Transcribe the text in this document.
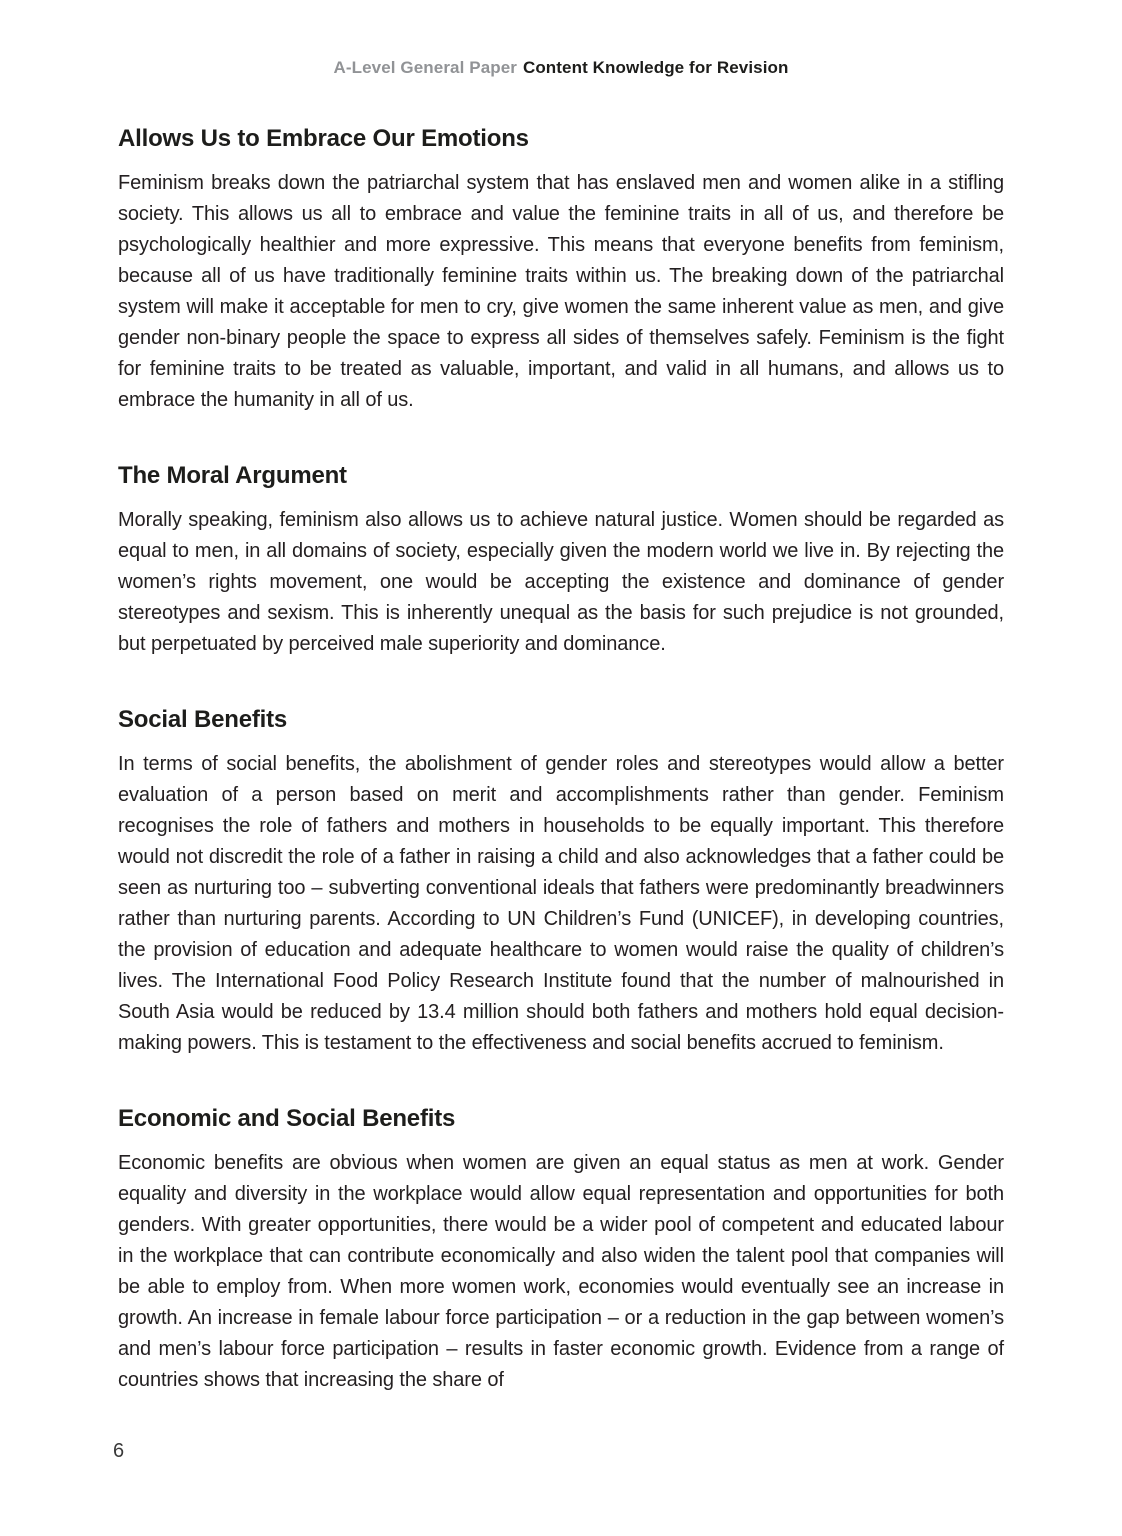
A-Level General Paper Content Knowledge for Revision
Allows Us to Embrace Our Emotions

Feminism breaks down the patriarchal system that has enslaved men and women alike in a stifling society. This allows us all to embrace and value the feminine traits in all of us, and therefore be psychologically healthier and more expressive. This means that everyone benefits from feminism, because all of us have traditionally feminine traits within us. The breaking down of the patriarchal system will make it acceptable for men to cry, give women the same inherent value as men, and give gender non-binary people the space to express all sides of themselves safely. Feminism is the fight for feminine traits to be treated as valuable, important, and valid in all humans, and allows us to embrace the humanity in all of us.

The Moral Argument

Morally speaking, feminism also allows us to achieve natural justice. Women should be regarded as equal to men, in all domains of society, especially given the modern world we live in. By rejecting the women’s rights movement, one would be accepting the existence and dominance of gender stereotypes and sexism. This is inherently unequal as the basis for such prejudice is not grounded, but perpetuated by perceived male superiority and dominance.

Social Benefits

In terms of social benefits, the abolishment of gender roles and stereotypes would allow a better evaluation of a person based on merit and accomplishments rather than gender. Feminism recognises the role of fathers and mothers in households to be equally important. This therefore would not discredit the role of a father in raising a child and also acknowledges that a father could be seen as nurturing too – subverting conventional ideals that fathers were predominantly breadwinners rather than nurturing parents. According to UN Children’s Fund (UNICEF), in developing countries, the provision of education and adequate healthcare to women would raise the quality of children’s lives. The International Food Policy Research Institute found that the number of malnourished in South Asia would be reduced by 13.4 million should both fathers and mothers hold equal decision-making powers. This is testament to the effectiveness and social benefits accrued to feminism.

Economic and Social Benefits

Economic benefits are obvious when women are given an equal status as men at work. Gender equality and diversity in the workplace would allow equal representation and opportunities for both genders. With greater opportunities, there would be a wider pool of competent and educated labour in the workplace that can contribute economically and also widen the talent pool that companies will be able to employ from. When more women work, economies would eventually see an increase in growth. An increase in female labour force participation – or a reduction in the gap between women’s and men’s labour force participation – results in faster economic growth. Evidence from a range of countries shows that increasing the share of

6
